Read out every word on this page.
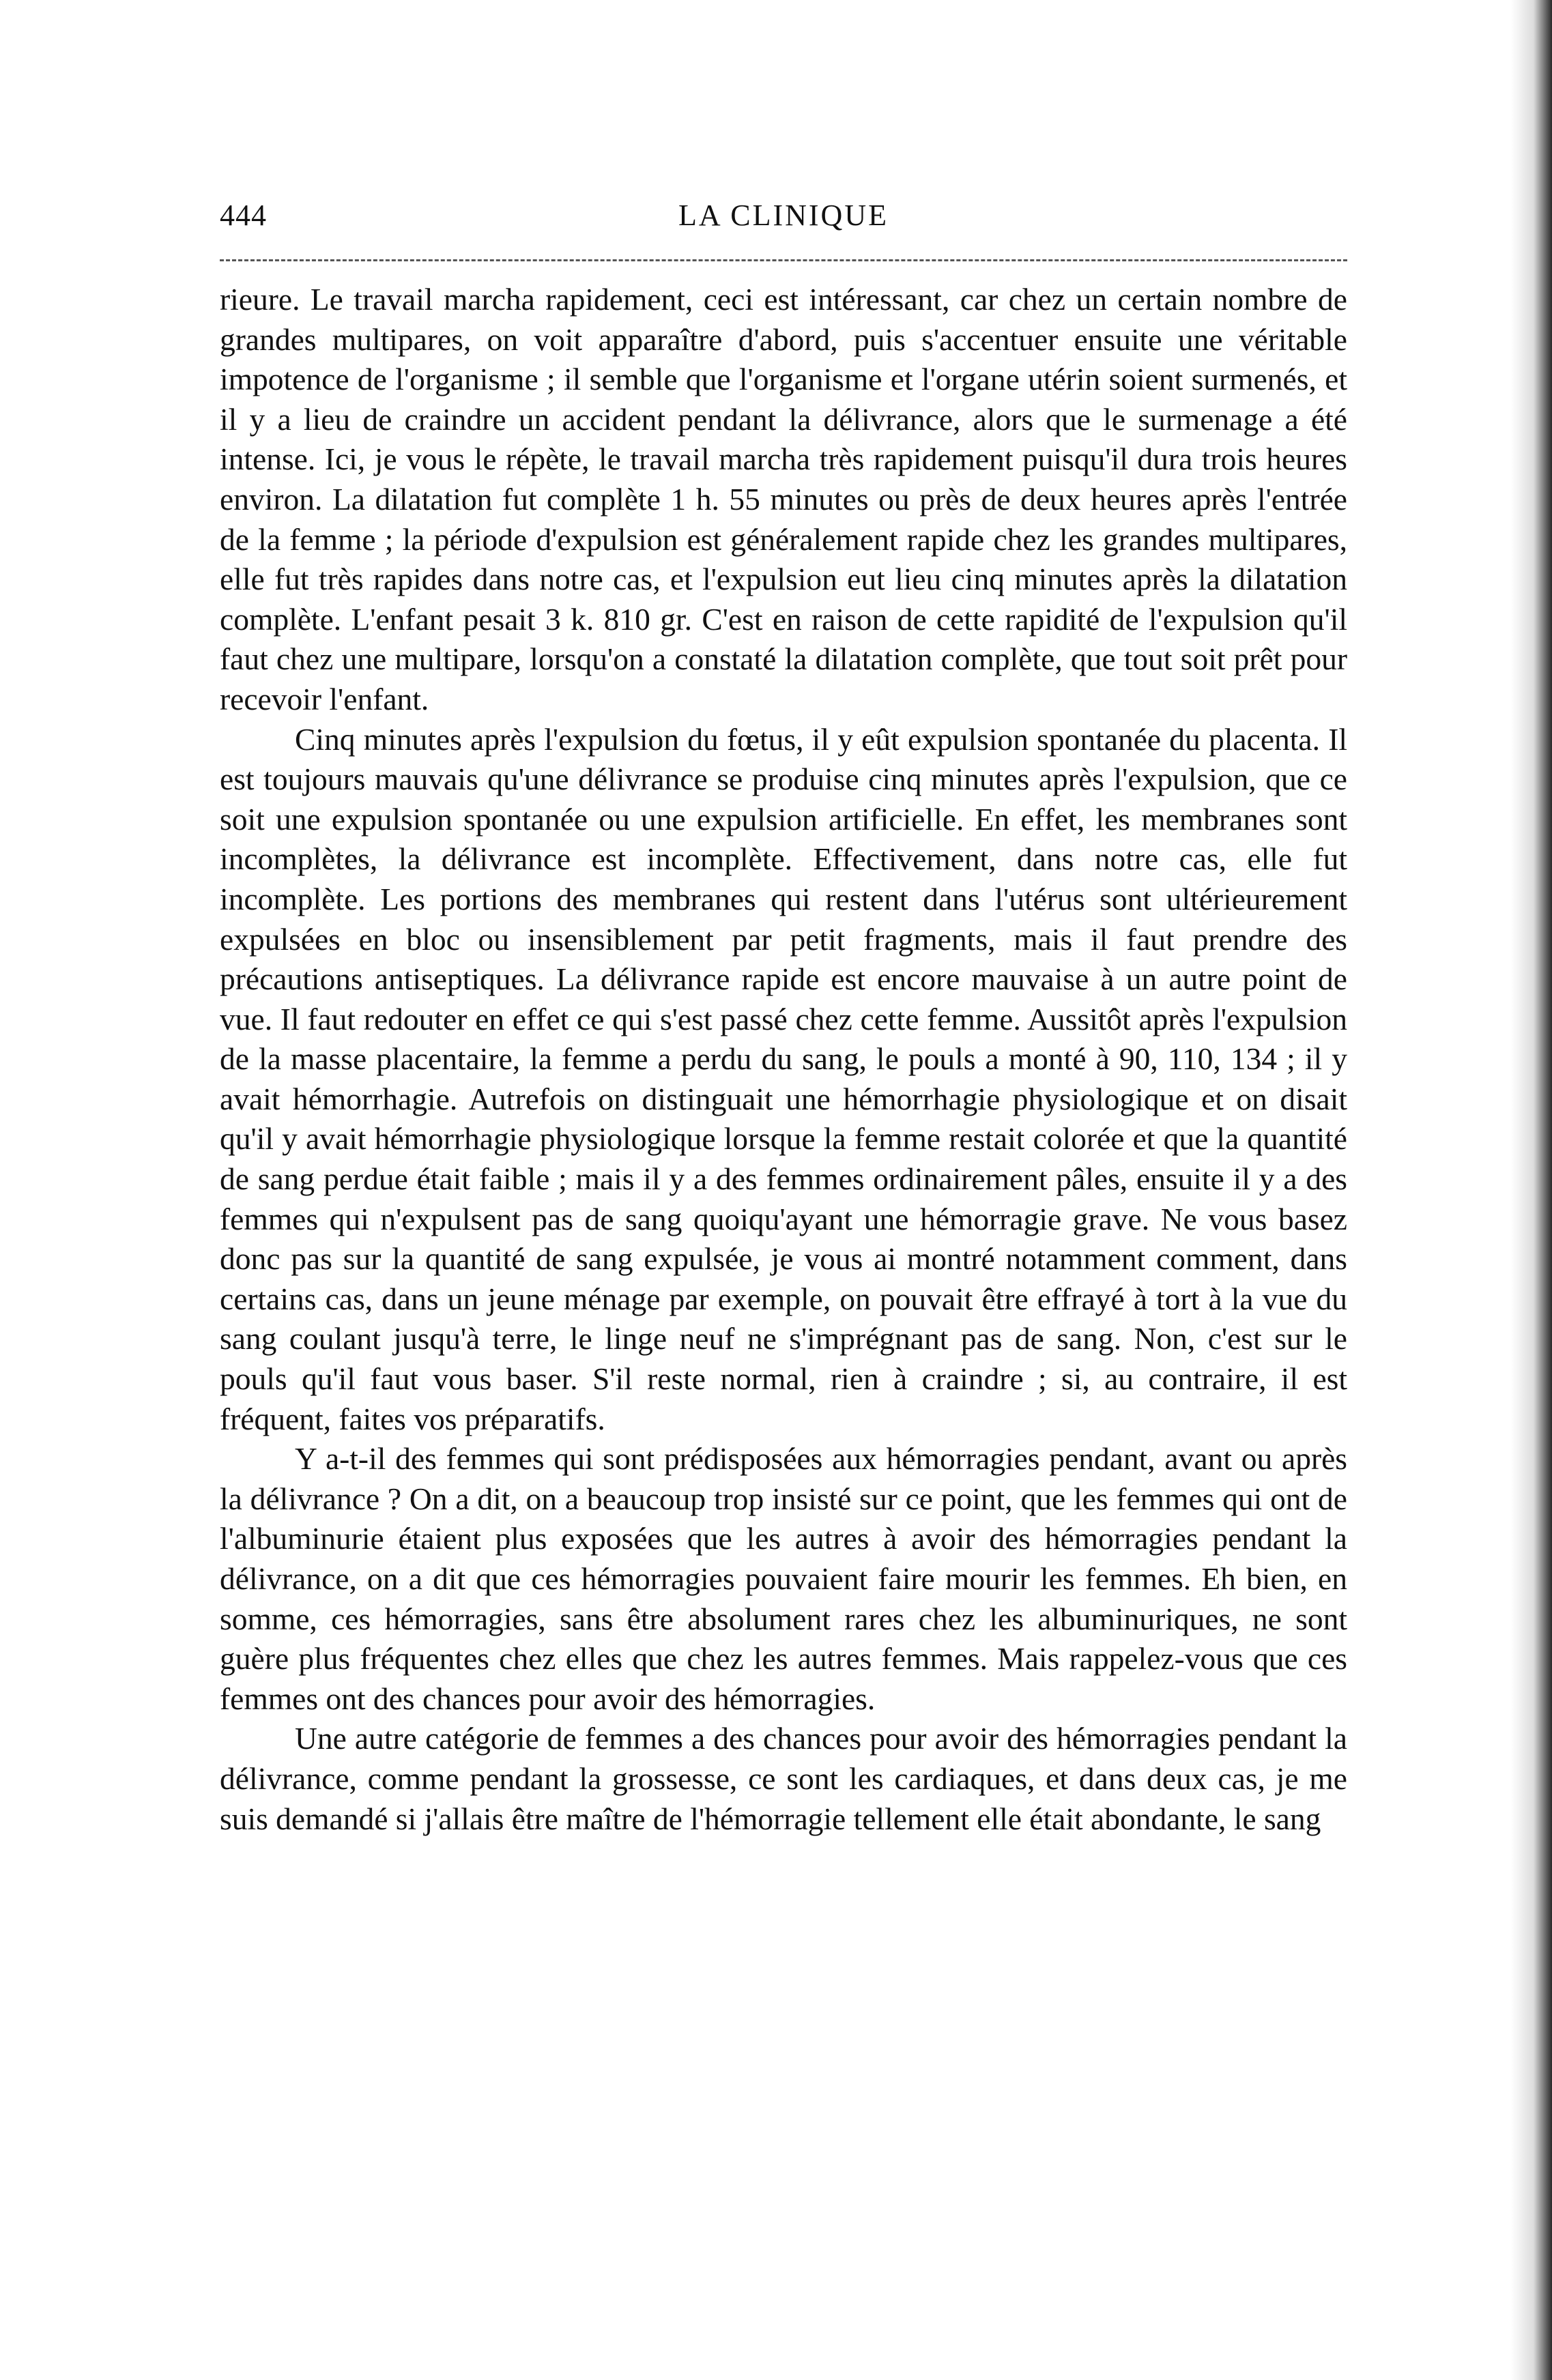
444	LA CLINIQUE

rieure. Le travail marcha rapidement, ceci est intéressant, car chez un certain nombre de grandes multipares, on voit apparaître d'abord, puis s'accentuer ensuite une véritable impotence de l'organisme ; il semble que l'organisme et l'organe utérin soient surmenés, et il y a lieu de craindre un accident pendant la délivrance, alors que le surmenage a été intense. Ici, je vous le répète, le travail marcha très rapidement puisqu'il dura trois heures environ. La dilatation fut complète 1 h. 55 minutes ou près de deux heures après l'entrée de la femme ; la période d'expulsion est généralement rapide chez les grandes multipares, elle fut très rapides dans notre cas, et l'expulsion eut lieu cinq minutes après la dilatation complète. L'enfant pesait 3 k. 810 gr. C'est en raison de cette rapidité de l'expulsion qu'il faut chez une multipare, lorsqu'on a constaté la dilatation complète, que tout soit prêt pour recevoir l'enfant.

Cinq minutes après l'expulsion du fœtus, il y eût expulsion spontanée du placenta. Il est toujours mauvais qu'une délivrance se produise cinq minutes après l'expulsion, que ce soit une expulsion spontanée ou une expulsion artificielle. En effet, les membranes sont incomplètes, la délivrance est incomplète. Effectivement, dans notre cas, elle fut incomplète. Les portions des membranes qui restent dans l'utérus sont ultérieurement expulsées en bloc ou insensiblement par petit fragments, mais il faut prendre des précautions antiseptiques. La délivrance rapide est encore mauvaise à un autre point de vue. Il faut redouter en effet ce qui s'est passé chez cette femme. Aussitôt après l'expulsion de la masse placentaire, la femme a perdu du sang, le pouls a monté à 90, 110, 134 ; il y avait hémorrhagie. Autrefois on distinguait une hémorrhagie physiologique et on disait qu'il y avait hémorrhagie physiologique lorsque la femme restait colorée et que la quantité de sang perdue était faible ; mais il y a des femmes ordinairement pâles, ensuite il y a des femmes qui n'expulsent pas de sang quoiqu'ayant une hémorragie grave. Ne vous basez donc pas sur la quantité de sang expulsée, je vous ai montré notamment comment, dans certains cas, dans un jeune ménage par exemple, on pouvait être effrayé à tort à la vue du sang coulant jusqu'à terre, le linge neuf ne s'imprégnant pas de sang. Non, c'est sur le pouls qu'il faut vous baser. S'il reste normal, rien à craindre ; si, au contraire, il est fréquent, faites vos préparatifs.

Y a-t-il des femmes qui sont prédisposées aux hémorragies pendant, avant ou après la délivrance ? On a dit, on a beaucoup trop insisté sur ce point, que les femmes qui ont de l'albuminurie étaient plus exposées que les autres à avoir des hémorragies pendant la délivrance, on a dit que ces hémorragies pouvaient faire mourir les femmes. Eh bien, en somme, ces hémorragies, sans être absolument rares chez les albuminuriques, ne sont guère plus fréquentes chez elles que chez les autres femmes. Mais rappelez-vous que ces femmes ont des chances pour avoir des hémorragies.

Une autre catégorie de femmes a des chances pour avoir des hémorragies pendant la délivrance, comme pendant la grossesse, ce sont les cardiaques, et dans deux cas, je me suis demandé si j'allais être maître de l'hémorragie tellement elle était abondante, le sang
